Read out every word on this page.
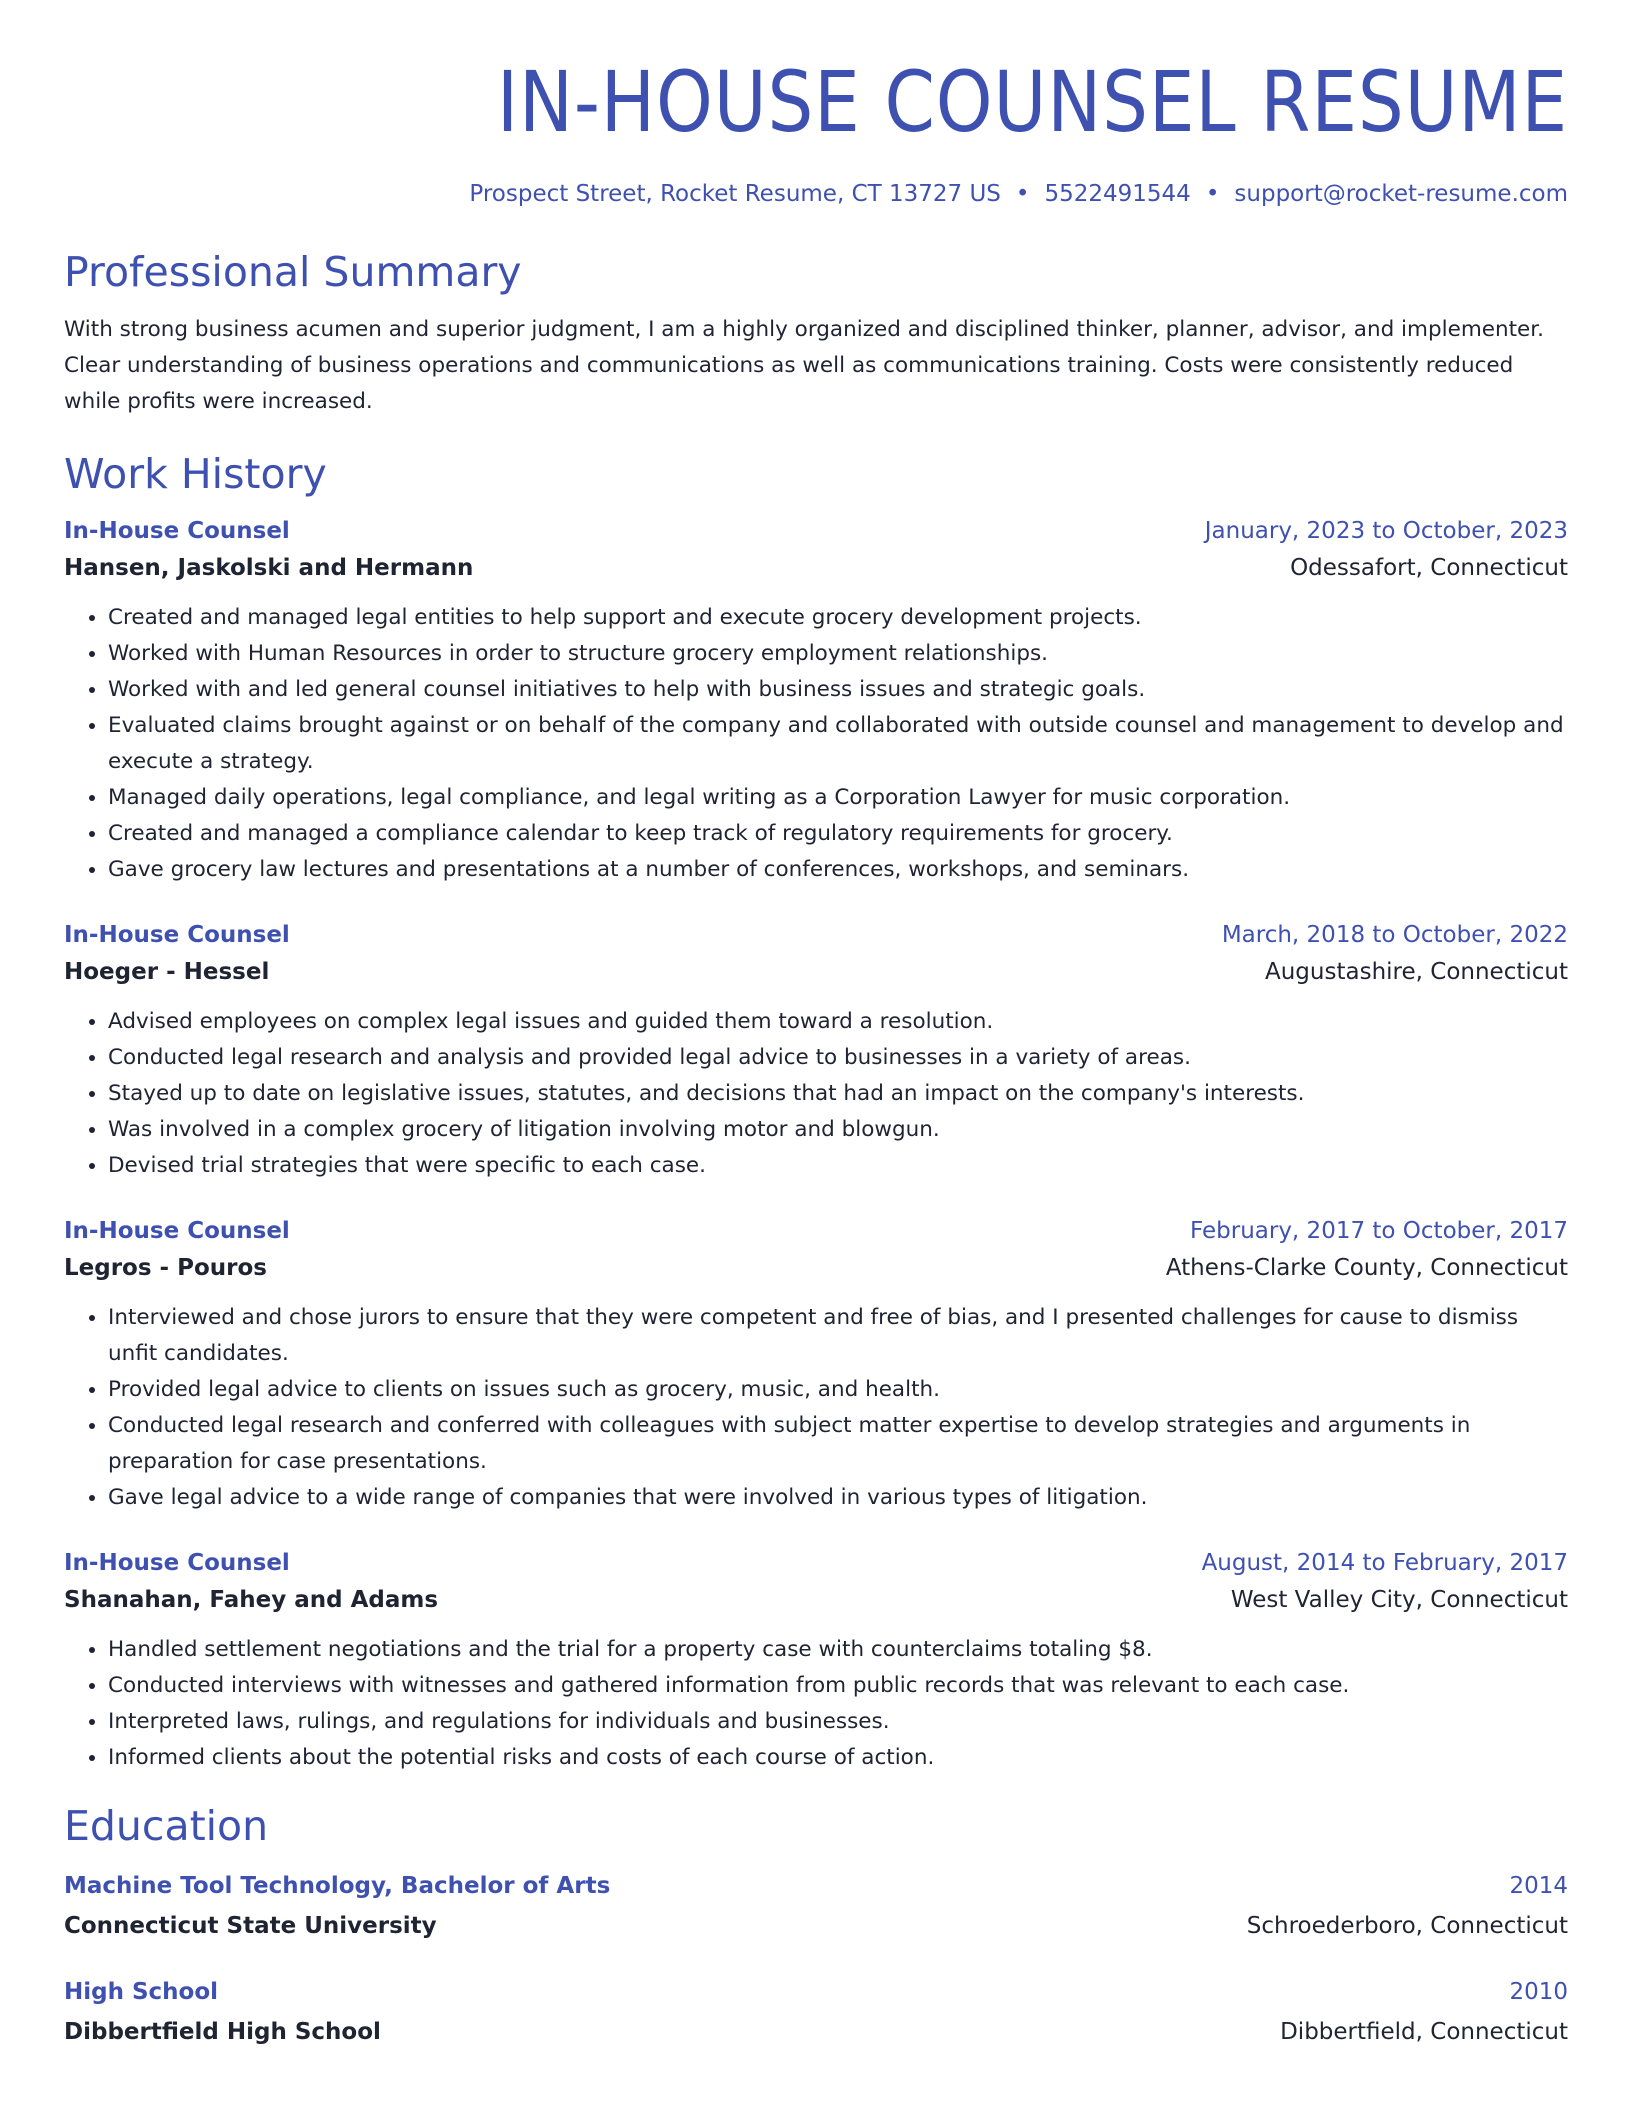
IN-HOUSE COUNSEL RESUME
Prospect Street, Rocket Resume, CT 13727 US • 5522491544 • support@rocket-resume.com
Professional Summary
With strong business acumen and superior judgment, I am a highly organized and disciplined thinker, planner, advisor, and implementer. Clear understanding of business operations and communications as well as communications training. Costs were consistently reduced while profits were increased.
Work History
In-House Counsel	January, 2023 to October, 2023
Hansen, Jaskolski and Hermann	Odessafort, Connecticut
• Created and managed legal entities to help support and execute grocery development projects.
• Worked with Human Resources in order to structure grocery employment relationships.
• Worked with and led general counsel initiatives to help with business issues and strategic goals.
• Evaluated claims brought against or on behalf of the company and collaborated with outside counsel and management to develop and execute a strategy.
• Managed daily operations, legal compliance, and legal writing as a Corporation Lawyer for music corporation.
• Created and managed a compliance calendar to keep track of regulatory requirements for grocery.
• Gave grocery law lectures and presentations at a number of conferences, workshops, and seminars.
In-House Counsel	March, 2018 to October, 2022
Hoeger - Hessel	Augustashire, Connecticut
• Advised employees on complex legal issues and guided them toward a resolution.
• Conducted legal research and analysis and provided legal advice to businesses in a variety of areas.
• Stayed up to date on legislative issues, statutes, and decisions that had an impact on the company's interests.
• Was involved in a complex grocery of litigation involving motor and blowgun.
• Devised trial strategies that were specific to each case.
In-House Counsel	February, 2017 to October, 2017
Legros - Pouros	Athens-Clarke County, Connecticut
• Interviewed and chose jurors to ensure that they were competent and free of bias, and I presented challenges for cause to dismiss unfit candidates.
• Provided legal advice to clients on issues such as grocery, music, and health.
• Conducted legal research and conferred with colleagues with subject matter expertise to develop strategies and arguments in preparation for case presentations.
• Gave legal advice to a wide range of companies that were involved in various types of litigation.
In-House Counsel	August, 2014 to February, 2017
Shanahan, Fahey and Adams	West Valley City, Connecticut
• Handled settlement negotiations and the trial for a property case with counterclaims totaling $8.
• Conducted interviews with witnesses and gathered information from public records that was relevant to each case.
• Interpreted laws, rulings, and regulations for individuals and businesses.
• Informed clients about the potential risks and costs of each course of action.
Education
Machine Tool Technology, Bachelor of Arts	2014
Connecticut State University	Schroederboro, Connecticut
High School	2010
Dibbertfield High School	Dibbertfield, Connecticut
